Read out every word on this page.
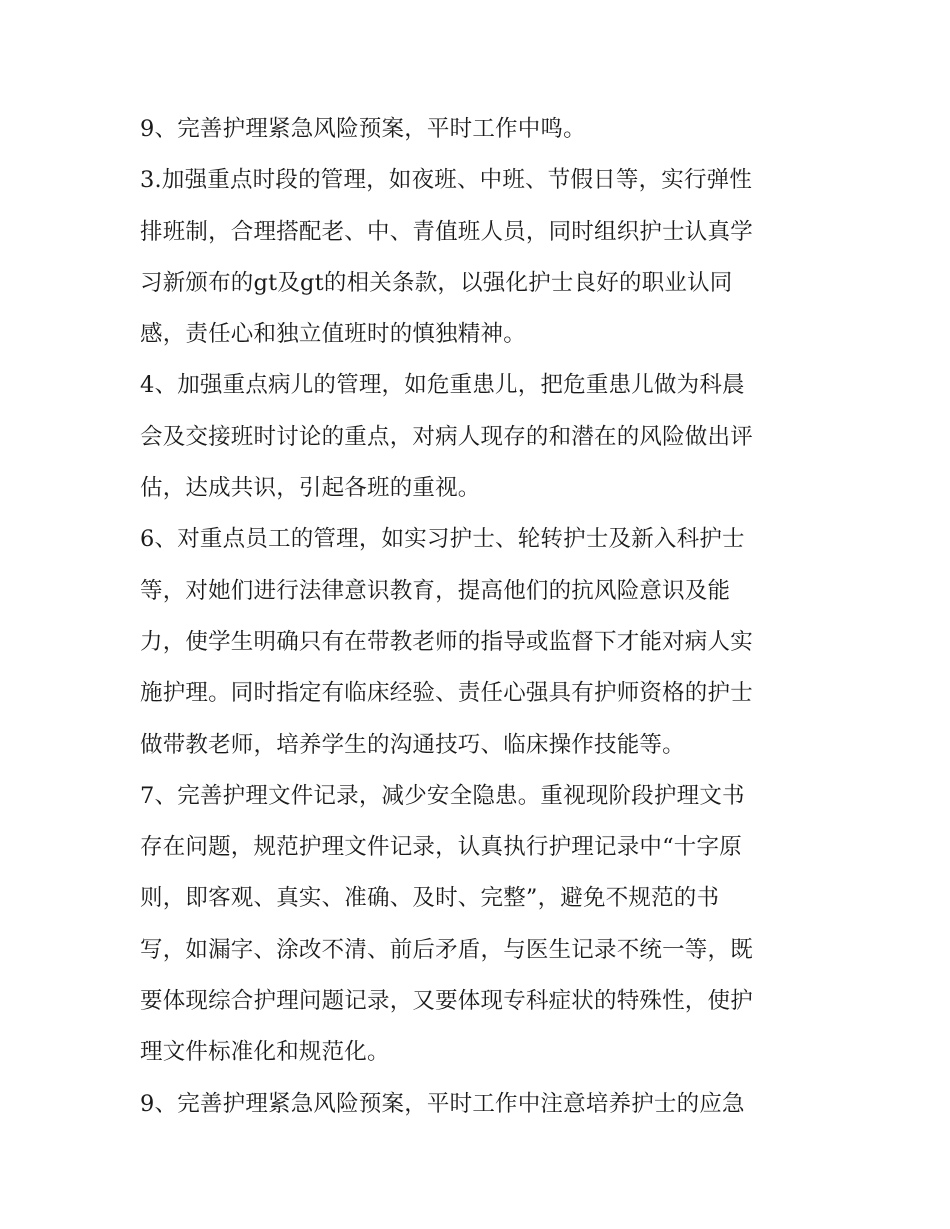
9、完善护理紧急风险预案，平时工作中鸣。

3.加强重点时段的管理，如夜班、中班、节假日等，实行弹性
排班制，合理搭配老、中、青值班人员，同时组织护士认真学
习新颁布的gt及gt的相关条款，以强化护士良好的职业认同
感，责任心和独立值班时的慎独精神。

4、加强重点病儿的管理，如危重患儿，把危重患儿做为科晨
会及交接班时讨论的重点，对病人现存的和潜在的风险做出评
估，达成共识，引起各班的重视。

6、对重点员工的管理，如实习护士、轮转护士及新入科护士
等，对她们进行法律意识教育，提高他们的抗风险意识及能
力，使学生明确只有在带教老师的指导或监督下才能对病人实
施护理。同时指定有临床经验、责任心强具有护师资格的护士
做带教老师，培养学生的沟通技巧、临床操作技能等。

7、完善护理文件记录，减少安全隐患。重视现阶段护理文书
存在问题，规范护理文件记录，认真执行护理记录中“十字原
则，即客观、真实、准确、及时、完整”，避免不规范的书
写，如漏字、涂改不清、前后矛盾，与医生记录不统一等，既
要体现综合护理问题记录，又要体现专科症状的特殊性，使护
理文件标准化和规范化。

9、完善护理紧急风险预案，平时工作中注意培养护士的应急
